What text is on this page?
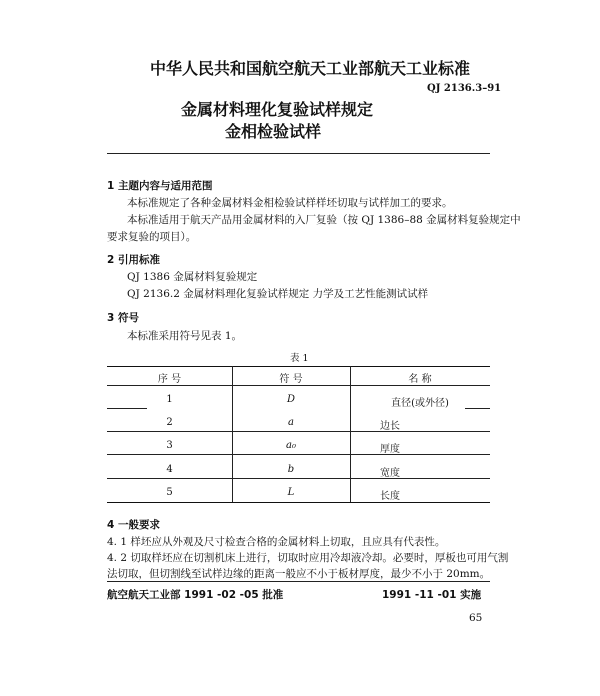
中华人民共和国航空航天工业部航天工业标准
QJ 2136.3–91
金属材料理化复验试样规定
金相检验试样
1 主题内容与适用范围
本标准规定了各种金属材料金相检验试样样坯切取与试样加工的要求。
本标准适用于航天产品用金属材料的入厂复验（按 QJ 1386–88 金属材料复验规定中
要求复验的项目）。
2 引用标准
QJ 1386 金属材料复验规定
QJ 2136.2 金属材料理化复验试样规定 力学及工艺性能测试试样
3 符号
本标准采用符号见表 1。
表 1
序 号	符 号	名 称
1	D	直径(或外径)
2	a	边长
3	a₀	厚度
4	b	宽度
5	L	长度
4 一般要求
4. 1 样坯应从外观及尺寸检查合格的金属材料上切取，且应具有代表性。
4. 2 切取样坯应在切割机床上进行，切取时应用冷却液冷却。必要时，厚板也可用气割
法切取，但切割线至试样边缘的距离一般应不小于板材厚度，最少不小于 20mm。
航空航天工业部 1991 -02 -05 批准	1991 -11 -01 实施
65
